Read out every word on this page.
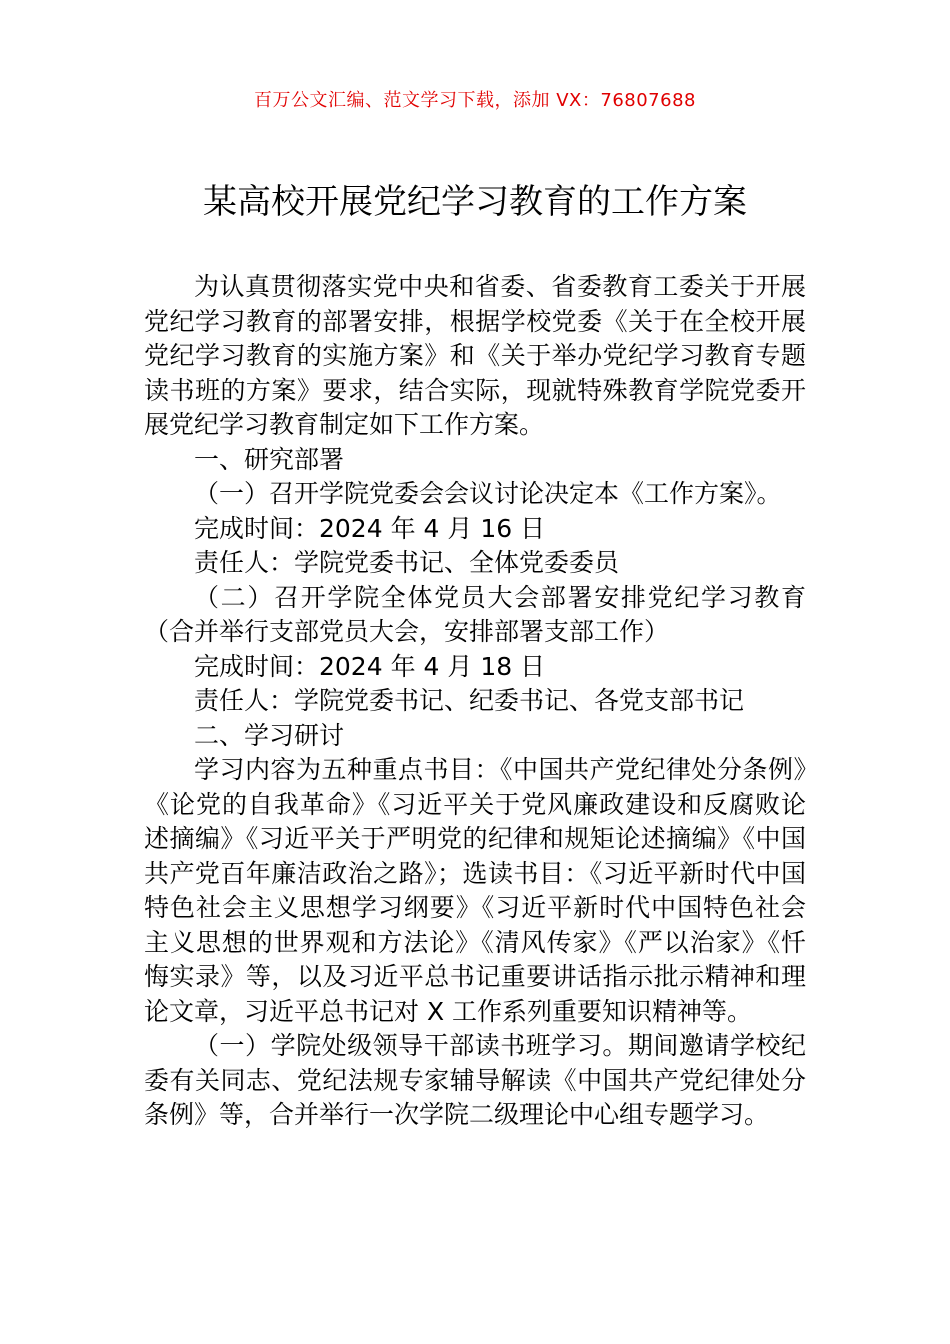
百万公文汇编、范文学习下载，添加 VX：76807688
某高校开展党纪学习教育的工作方案

为认真贯彻落实党中央和省委、省委教育工委关于开展党纪学习教育的部署安排，根据学校党委《关于在全校开展党纪学习教育的实施方案》和《关于举办党纪学习教育专题读书班的方案》要求，结合实际，现就特殊教育学院党委开展党纪学习教育制定如下工作方案。

一、研究部署

（一）召开学院党委会会议讨论决定本《工作方案》。

完成时间：2024 年 4 月 16 日

责任人：学院党委书记、全体党委委员

（二）召开学院全体党员大会部署安排党纪学习教育（合并举行支部党员大会，安排部署支部工作）

完成时间：2024 年 4 月 18 日

责任人：学院党委书记、纪委书记、各党支部书记

二、学习研讨

学习内容为五种重点书目：《中国共产党纪律处分条例》《论党的自我革命》《习近平关于党风廉政建设和反腐败论述摘编》《习近平关于严明党的纪律和规矩论述摘编》《中国共产党百年廉洁政治之路》；选读书目：《习近平新时代中国特色社会主义思想学习纲要》《习近平新时代中国特色社会主义思想的世界观和方法论》《清风传家》《严以治家》《忏悔实录》等，以及习近平总书记重要讲话指示批示精神和理论文章，习近平总书记对 X 工作系列重要知识精神等。

（一）学院处级领导干部读书班学习。期间邀请学校纪委有关同志、党纪法规专家辅导解读《中国共产党纪律处分条例》等，合并举行一次学院二级理论中心组专题学习。
